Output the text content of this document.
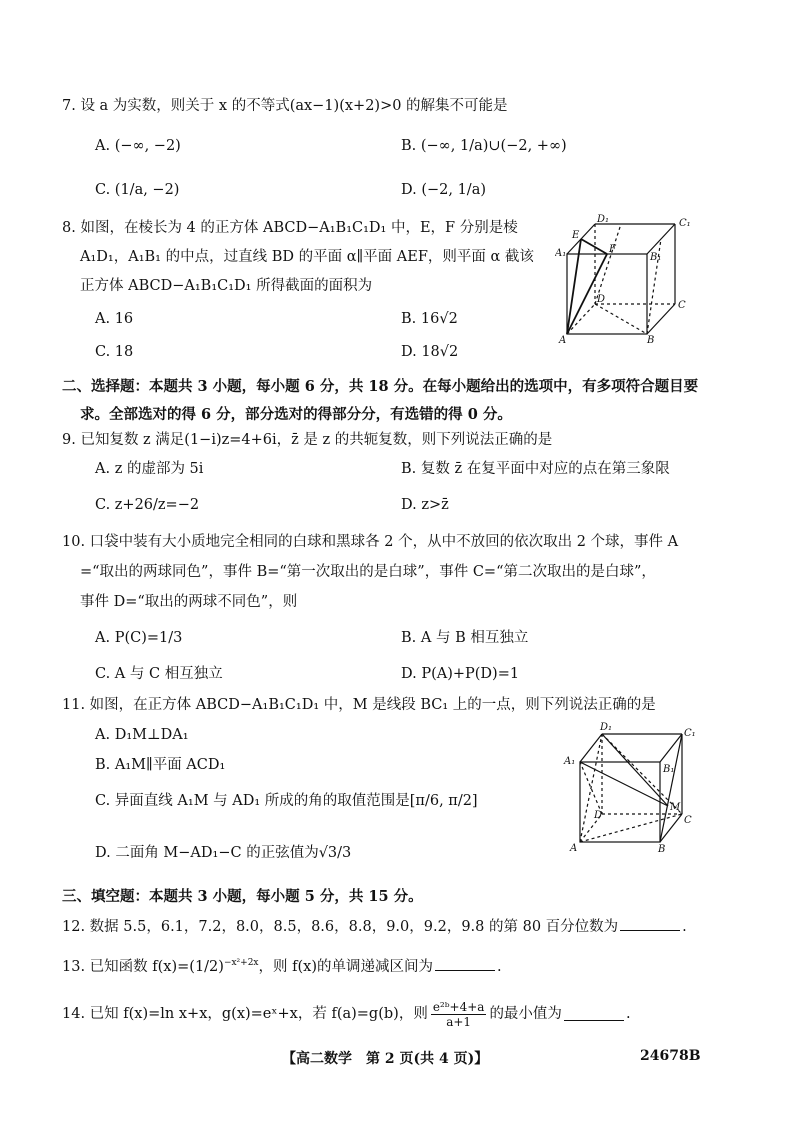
7. 设 a 为实数，则关于 x 的不等式(ax−1)(x+2)>0 的解集不可能是
A. (−∞, −2)	B. (−∞, 1/a)∪(−2, +∞)
C. (1/a, −2)	D. (−2, 1/a)
8. 如图，在棱长为 4 的正方体 ABCD−A₁B₁C₁D₁ 中，E，F 分别是棱
A₁D₁，A₁B₁ 的中点，过直线 BD 的平面 α∥平面 AEF，则平面 α 截该
正方体 ABCD−A₁B₁C₁D₁ 所得截面的面积为
A. 16	B. 16√2
C. 18	D. 18√2
D₁	C₁
E
F
A₁	B₁
D
C
A	B
二、选择题：本题共 3 小题，每小题 6 分，共 18 分。在每小题给出的选项中，有多项符合题目要
求。全部选对的得 6 分，部分选对的得部分分，有选错的得 0 分。
9. 已知复数 z 满足(1−i)z=4+6i，z̄ 是 z 的共轭复数，则下列说法正确的是
A. z 的虚部为 5i	B. 复数 z̄ 在复平面中对应的点在第三象限
C. z+26/z=−2	D. z>z̄
10. 口袋中装有大小质地完全相同的白球和黑球各 2 个，从中不放回的依次取出 2 个球，事件 A
=“取出的两球同色”，事件 B=“第一次取出的是白球”，事件 C=“第二次取出的是白球”，
事件 D=“取出的两球不同色”，则
A. P(C)=1/3	B. A 与 B 相互独立
C. A 与 C 相互独立	D. P(A)+P(D)=1
11. 如图，在正方体 ABCD−A₁B₁C₁D₁ 中，M 是线段 BC₁ 上的一点，则下列说法正确的是
A. D₁M⊥DA₁
B. A₁M∥平面 ACD₁
C. 异面直线 A₁M 与 AD₁ 所成的角的取值范围是[π/6, π/2]
D. 二面角 M−AD₁−C 的正弦值为√3/3
D₁
C₁
A₁
B₁
D
M
C
A	B
三、填空题：本题共 3 小题，每小题 5 分，共 15 分。
12. 数据 5.5，6.1，7.2，8.0，8.5，8.6，8.8，9.0，9.2，9.8 的第 80 百分位数为	.
13. 已知函数 $f(x)=(1/2)^{-x^2+2x}$，则 f(x)的单调递减区间为	.
14. 已知 f(x)=ln x+x，g(x)=eˣ+x，若 f(a)=g(b)，则 $\frac{\text{e²ᵇ+4+a}}{a+1}$ 的最小值为	.
【高二数学　第 2 页(共 4 页)】	24678B
